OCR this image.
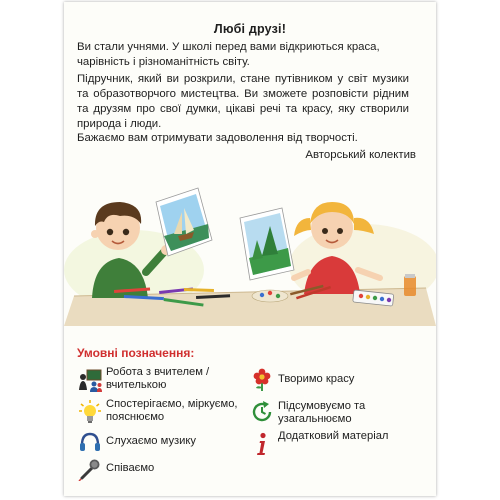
Любі друзі!

Ви стали учнями. У школі перед вами відкриються краса, чарівність і різноманітність світу.

Підручник, який ви розкрили, стане путівником у світ музики та образотворчого мистецтва. Ви зможете розповісти рідним та друзям про свої думки, цікаві речі та красу, яку створили природа і люди.

Бажаємо вам отримувати задоволення від творчості.

Авторський колектив
Умовні позначення:
Робота з вчителем / вчителькою
Спостерігаємо, міркуємо, пояснюємо
Слухаємо музику
Співаємо
Творимо красу
Підсумовуємо та узагальнюємо
Додатковий матеріал
